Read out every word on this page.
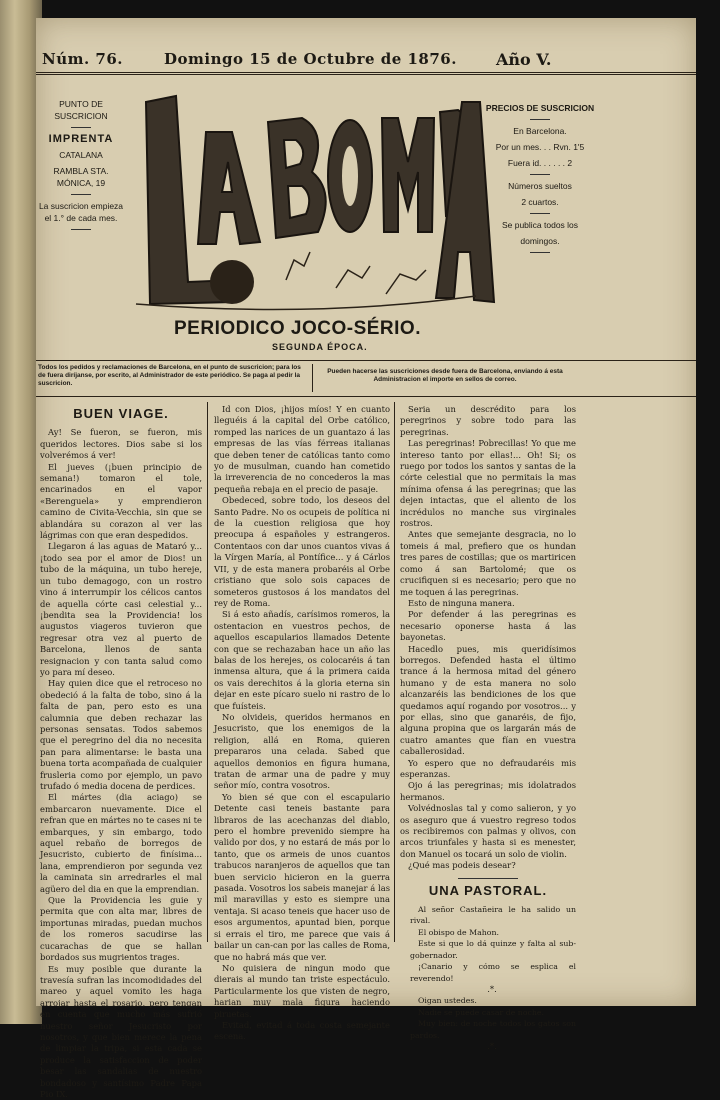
Núm. 76.	Domingo 15 de Octubre de 1876. Año V.

PUNTO DE SUSCRICION

IMPRENTA

CATALANA

RAMBLA STA. MÓNICA, 19

La suscricion empieza el 1.° de cada mes.

PRECIOS DE SUSCRICION

En Barcelona.

Por un mes. . . Rvn. 1'5

Fuera id. . . . . . 2

Números sueltos

2 cuartos.

Se publica todos los

domingos.

PERIODICO JOCO-SÉRIO.
SEGUNDA ÉPOCA.
Todos los pedidos y reclamaciones de Barcelona, en el punto de suscricion; para los de fuera diríjanse, por escrito, al Administrador de este periódico. Se paga al pedir la suscricion.
Pueden hacerse las suscriciones desde fuera de Barcelona, enviando á esta Administracion el importe en sellos de correo.

BUEN VIAGE.

Ay! Se fueron, se fueron, mis queridos lectores. Dios sabe si los volverémos á ver!

El jueves (¡buen principio de semana!) tomaron el tole, encarinados en el vapor «Berenguela» y emprendieron camino de Civita-Vecchia, sin que se ablandára su corazon al ver las lágrimas con que eran despedidos.

Llegaron á las aguas de Mataró y... ¡todo sea por el amor de Dios! un tubo de la máquina, un tubo hereje, un tubo demagogo, con un rostro vino á interrumpir los célicos cantos de aquella córte casi celestial y... ¡bendita sea la Providencia! los augustos viageros tuvieron que regresar otra vez al puerto de Barcelona, llenos de santa resignacion y con tanta salud como yo para mí deseo.

Hay quien dice que el retroceso no obedeció á la falta de tobo, sino á la falta de pan, pero esto es una calumnia que deben rechazar las personas sensatas. Todos sabemos que el peregrino del dia no necesita pan para alimentarse: le basta una buena torta acompañada de cualquier frusleria como por ejemplo, un pavo trufado ó media docena de perdices.

El mártes (dia aciago) se embarcaron nuevamente. Dice el refran que en mártes no te cases ni te embarques, y sin embargo, todo aquel rebaño de borregos de Jesucristo, cubierto de finísima... lana, emprendieron por segunda vez la caminata sin arredrarles el mal agüero del dia en que la emprendian.

Que la Providencia les guie y permita que con alta mar, libres de importunas miradas, puedan muchos de los romeros sacudirse las cucarachas de que se hallan bordados sus mugrientos trages.

Es muy posible que durante la travesía sufran las incomodidades del mareo y aquel vomito les haga arrojar hasta el rosario, pero tengan en cuenta que mucho más sufrió nuestro señor Jesucristo por nosotros, y que bien merece la pena de limpiar la tripa, si esta cada se produce la satisfaccion de poder besar las sandalias de nuestro bondadoso y santísimo Padre Papa Pio IX.

Id con Dios, ¡hijos míos! Y en cuanto lleguéis á la capital del Orbe católico, romped las narices de un guantazo á las empresas de las vías férreas italianas que deben tener de católicas tanto como yo de musulman, cuando han cometido la irreverencia de no concederos la mas pequeña rebaja en el precio de pasaje.

Obedeced, sobre todo, los deseos del Santo Padre. No os ocupeis de política ni de la cuestion religiosa que hoy preocupa á españoles y estrangeros. Contentaos con dar unos cuantos vivas á la Vírgen María, al Pontífice... y á Cárlos VII, y de esta manera probaréis al Orbe cristiano que solo sois capaces de someteros gustosos á los mandatos del rey de Roma.

Si á esto añadís, carísimos romeros, la ostentacion en vuestros pechos, de aquellos escapularios llamados Detente con que se rechazaban hace un año las balas de los herejes, os colocaréis á tan inmensa altura, que á la primera caida os vais derechitos á la gloria eterna sin dejar en este pícaro suelo ni rastro de lo que fuísteis.

No olvideis, queridos hermanos en Jesucristo, que los enemigos de la religion, allá en Roma, quieren prepararos una celada. Sabed que aquellos demonios en figura humana, tratan de armar una de padre y muy señor mío, contra vosotros.

Yo bien sé que con el escapulario Detente casi teneis bastante para libraros de las acechanzas del diablo, pero el hombre prevenido siempre ha valido por dos, y no estará de más por lo tanto, que os armeis de unos cuantos trabucos naranjeros de aquellos que tan buen servicio hicieron en la guerra pasada. Vosotros los sabeis manejar á las mil maravillas y esto es siempre una ventaja. Si acaso teneis que hacer uso de esos argumentos, apuntad bien, porque si errais el tiro, me parece que vais á bailar un can-can por las calles de Roma, que no habrá más que ver.

No quisiera de ningun modo que dierais al mundo tan triste espectáculo. Particularmente los que visten de negro, harian muy mala figura haciendo piruetas.

Evitad, evitad á toda costa semejante escena.

Seria un descrédito para los peregrinos y sobre todo para las peregrinas.

Las peregrinas! Pobrecillas! Yo que me intereso tanto por ellas!... Oh! Si; os ruego por todos los santos y santas de la córte celestial que no permitais la mas mínima ofensa á las peregrinas; que las dejen intactas, que el aliento de los incrédulos no manche sus virginales rostros.

Antes que semejante desgracia, no lo tomeis á mal, prefiero que os hundan tres pares de costillas; que os martiricen como á san Bartolomé; que os crucifiquen si es necesario; pero que no me toquen á las peregrinas.

Esto de ninguna manera.

Por defender á las peregrinas es necesario oponerse hasta á las bayonetas.

Hacedlo pues, mis queridísimos borregos. Defended hasta el último trance á la hermosa mitad del género humano y de esta manera no solo alcanzaréis las bendiciones de los que quedamos aquí rogando por vosotros... y por ellas, sino que ganaréis, de fijo, alguna propina que os largarán más de cuatro amantes que fían en vuestra caballerosidad.

Yo espero que no defraudaréis mis esperanzas.

Ojo á las peregrinas; mis idolatrados hermanos.

Volvédnoslas tal y como salieron, y yo os aseguro que á vuestro regreso todos os recibiremos con palmas y olivos, con arcos triunfales y hasta si es menester, don Manuel os tocará un solo de violin.

¿Qué mas podeis desear?

UNA PASTORAL.

Al señor Castañeira le ha salido un rival.

El obispo de Mahon.

Este si que lo dá quinze y falta al sub-gobernador.

¡Canario y cómo se esplica el reverendo!

.*.

Oigan ustedes.

Nadie se puede casar de noche.

Muy bien: de noche todos los gatos son pardos.

.*.
